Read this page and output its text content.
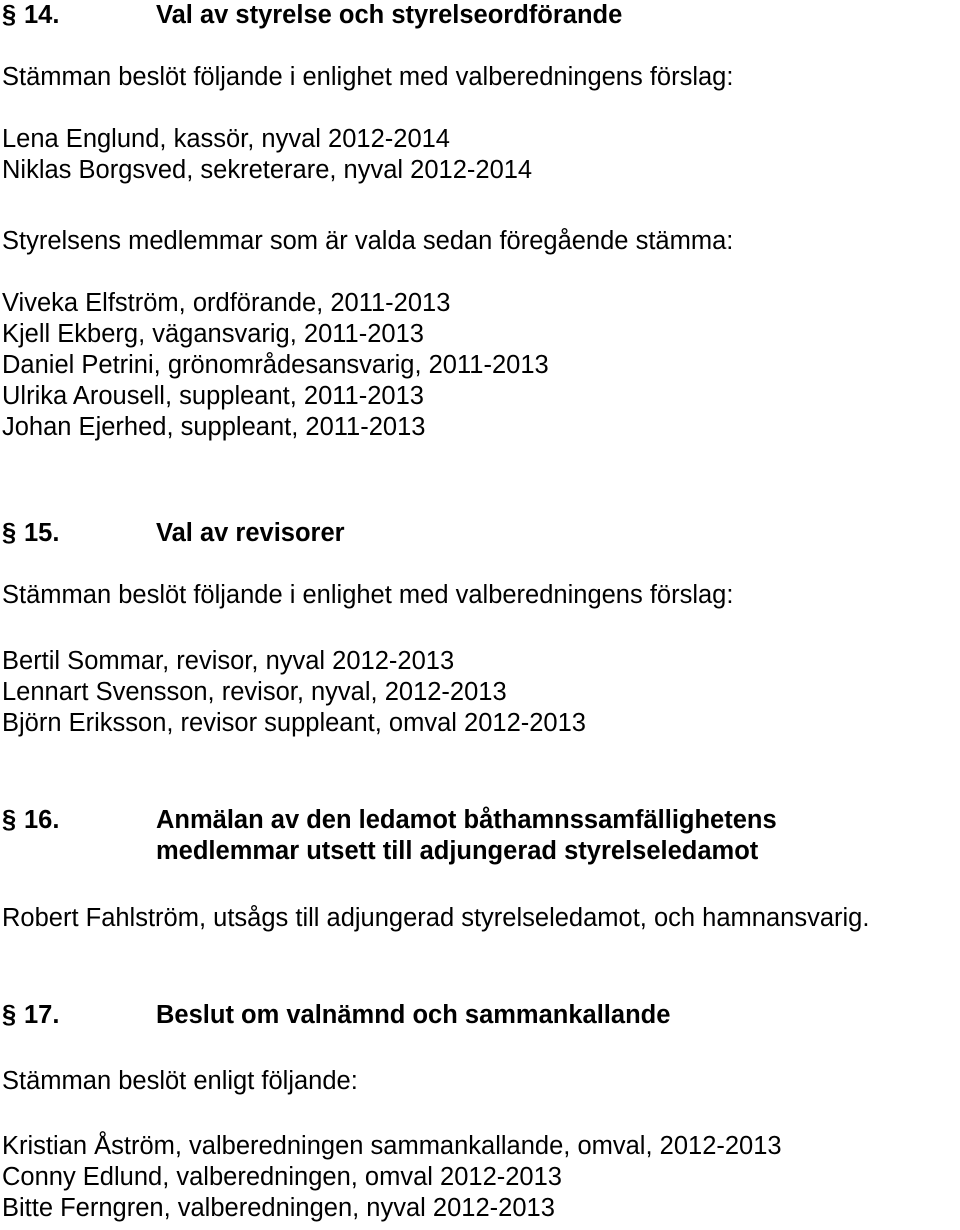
§ 14.	Val av styrelse och styrelseordförande
Stämman beslöt följande i enlighet med valberedningens förslag:
Lena Englund, kassör, nyval 2012-2014
Niklas Borgsved, sekreterare, nyval 2012-2014
Styrelsens medlemmar som är valda sedan föregående stämma:
Viveka Elfström, ordförande, 2011-2013
Kjell Ekberg, vägansvarig, 2011-2013
Daniel Petrini, grönområdesansvarig, 2011-2013
Ulrika Arousell, suppleant, 2011-2013
Johan Ejerhed, suppleant, 2011-2013
§ 15.	Val av revisorer
Stämman beslöt följande i enlighet med valberedningens förslag:
Bertil Sommar, revisor, nyval 2012-2013
Lennart Svensson, revisor, nyval, 2012-2013
Björn Eriksson, revisor suppleant, omval 2012-2013
§ 16.	Anmälan av den ledamot båthamnssamfällighetens
medlemmar utsett till adjungerad styrelseledamot
Robert Fahlström, utsågs till adjungerad styrelseledamot, och hamnansvarig.
§ 17.	Beslut om valnämnd och sammankallande
Stämman beslöt enligt följande:
Kristian Åström, valberedningen sammankallande, omval, 2012-2013
Conny Edlund, valberedningen, omval 2012-2013
Bitte Ferngren, valberedningen, nyval 2012-2013
